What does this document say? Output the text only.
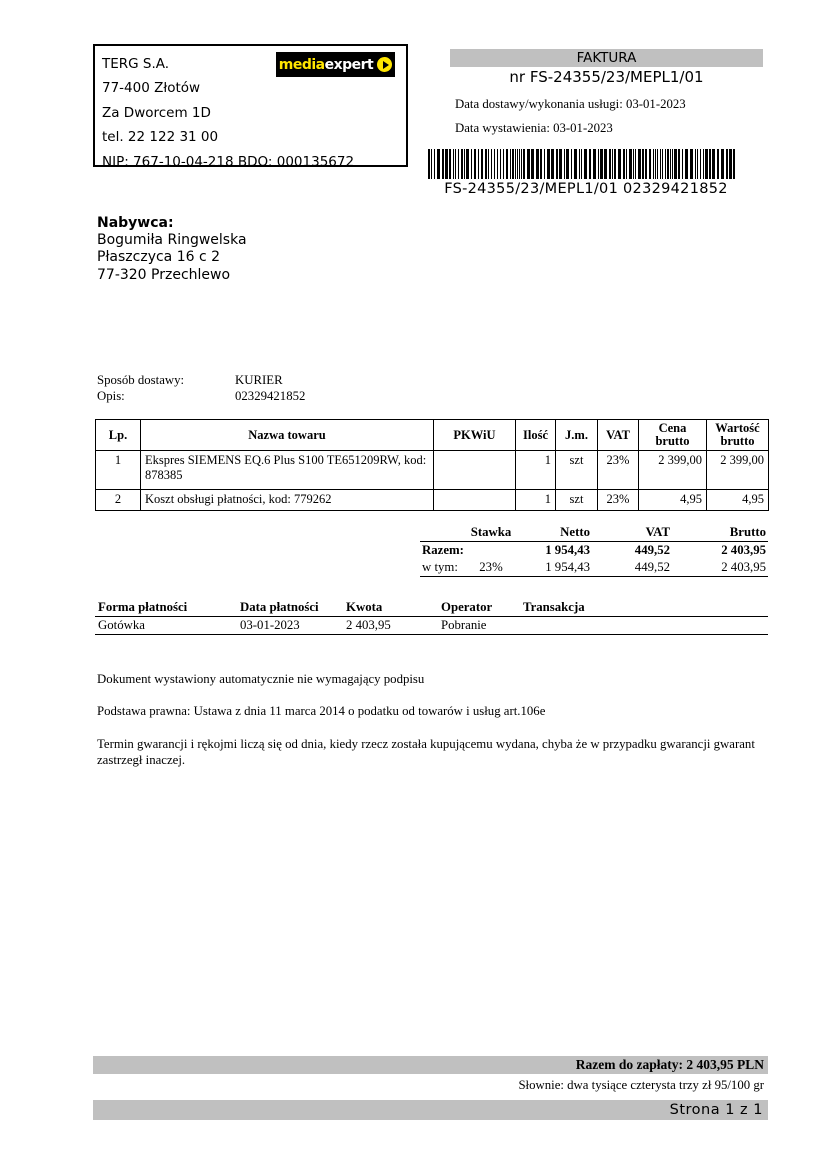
TERG S.A.
77-400 Złotów
Za Dworcem 1D
tel. 22 122 31 00
NIP: 767-10-04-218 BDO: 000135672
media expert	FAKTURA
nr FS-24355/23/MEPL1/01
Data dostawy/wykonania usługi: 03-01-2023
Data wystawienia: 03-01-2023
FS-24355/23/MEPL1/01 02329421852
Nabywca:
Bogumiła Ringwelska
Płaszczyca 16 c 2
77-320 Przechlewo
Sposób dostawy:	KURIER
Opis:	02329421852
Lp.	Nazwa towaru	PKWiU	Ilość	J.m.	VAT	Cena brutto	Wartość brutto
1	Ekspres SIEMENS EQ.6 Plus S100 TE651209RW, kod: 878385		1	szt	23%	2 399,00	2 399,00
2	Koszt obsługi płatności, kod: 779262		1	szt	23%	4,95	4,95
	Stawka	Netto	VAT	Brutto
Razem:		1 954,43	449,52	2 403,95
w tym:	23%	1 954,43	449,52	2 403,95
Forma płatności	Data płatności	Kwota	Operator	Transakcja
Gotówka	03-01-2023	2 403,95	Pobranie	
Dokument wystawiony automatycznie nie wymagający podpisu
Podstawa prawna: Ustawa z dnia 11 marca 2014 o podatku od towarów i usług art.106e
Termin gwarancji i rękojmi liczą się od dnia, kiedy rzecz została kupującemu wydana, chyba że w przypadku gwarancji gwarant zastrzegł inaczej.
Razem do zapłaty: 2 403,95 PLN
Słownie: dwa tysiące czterysta trzy zł 95/100 gr
Strona 1 z 1
